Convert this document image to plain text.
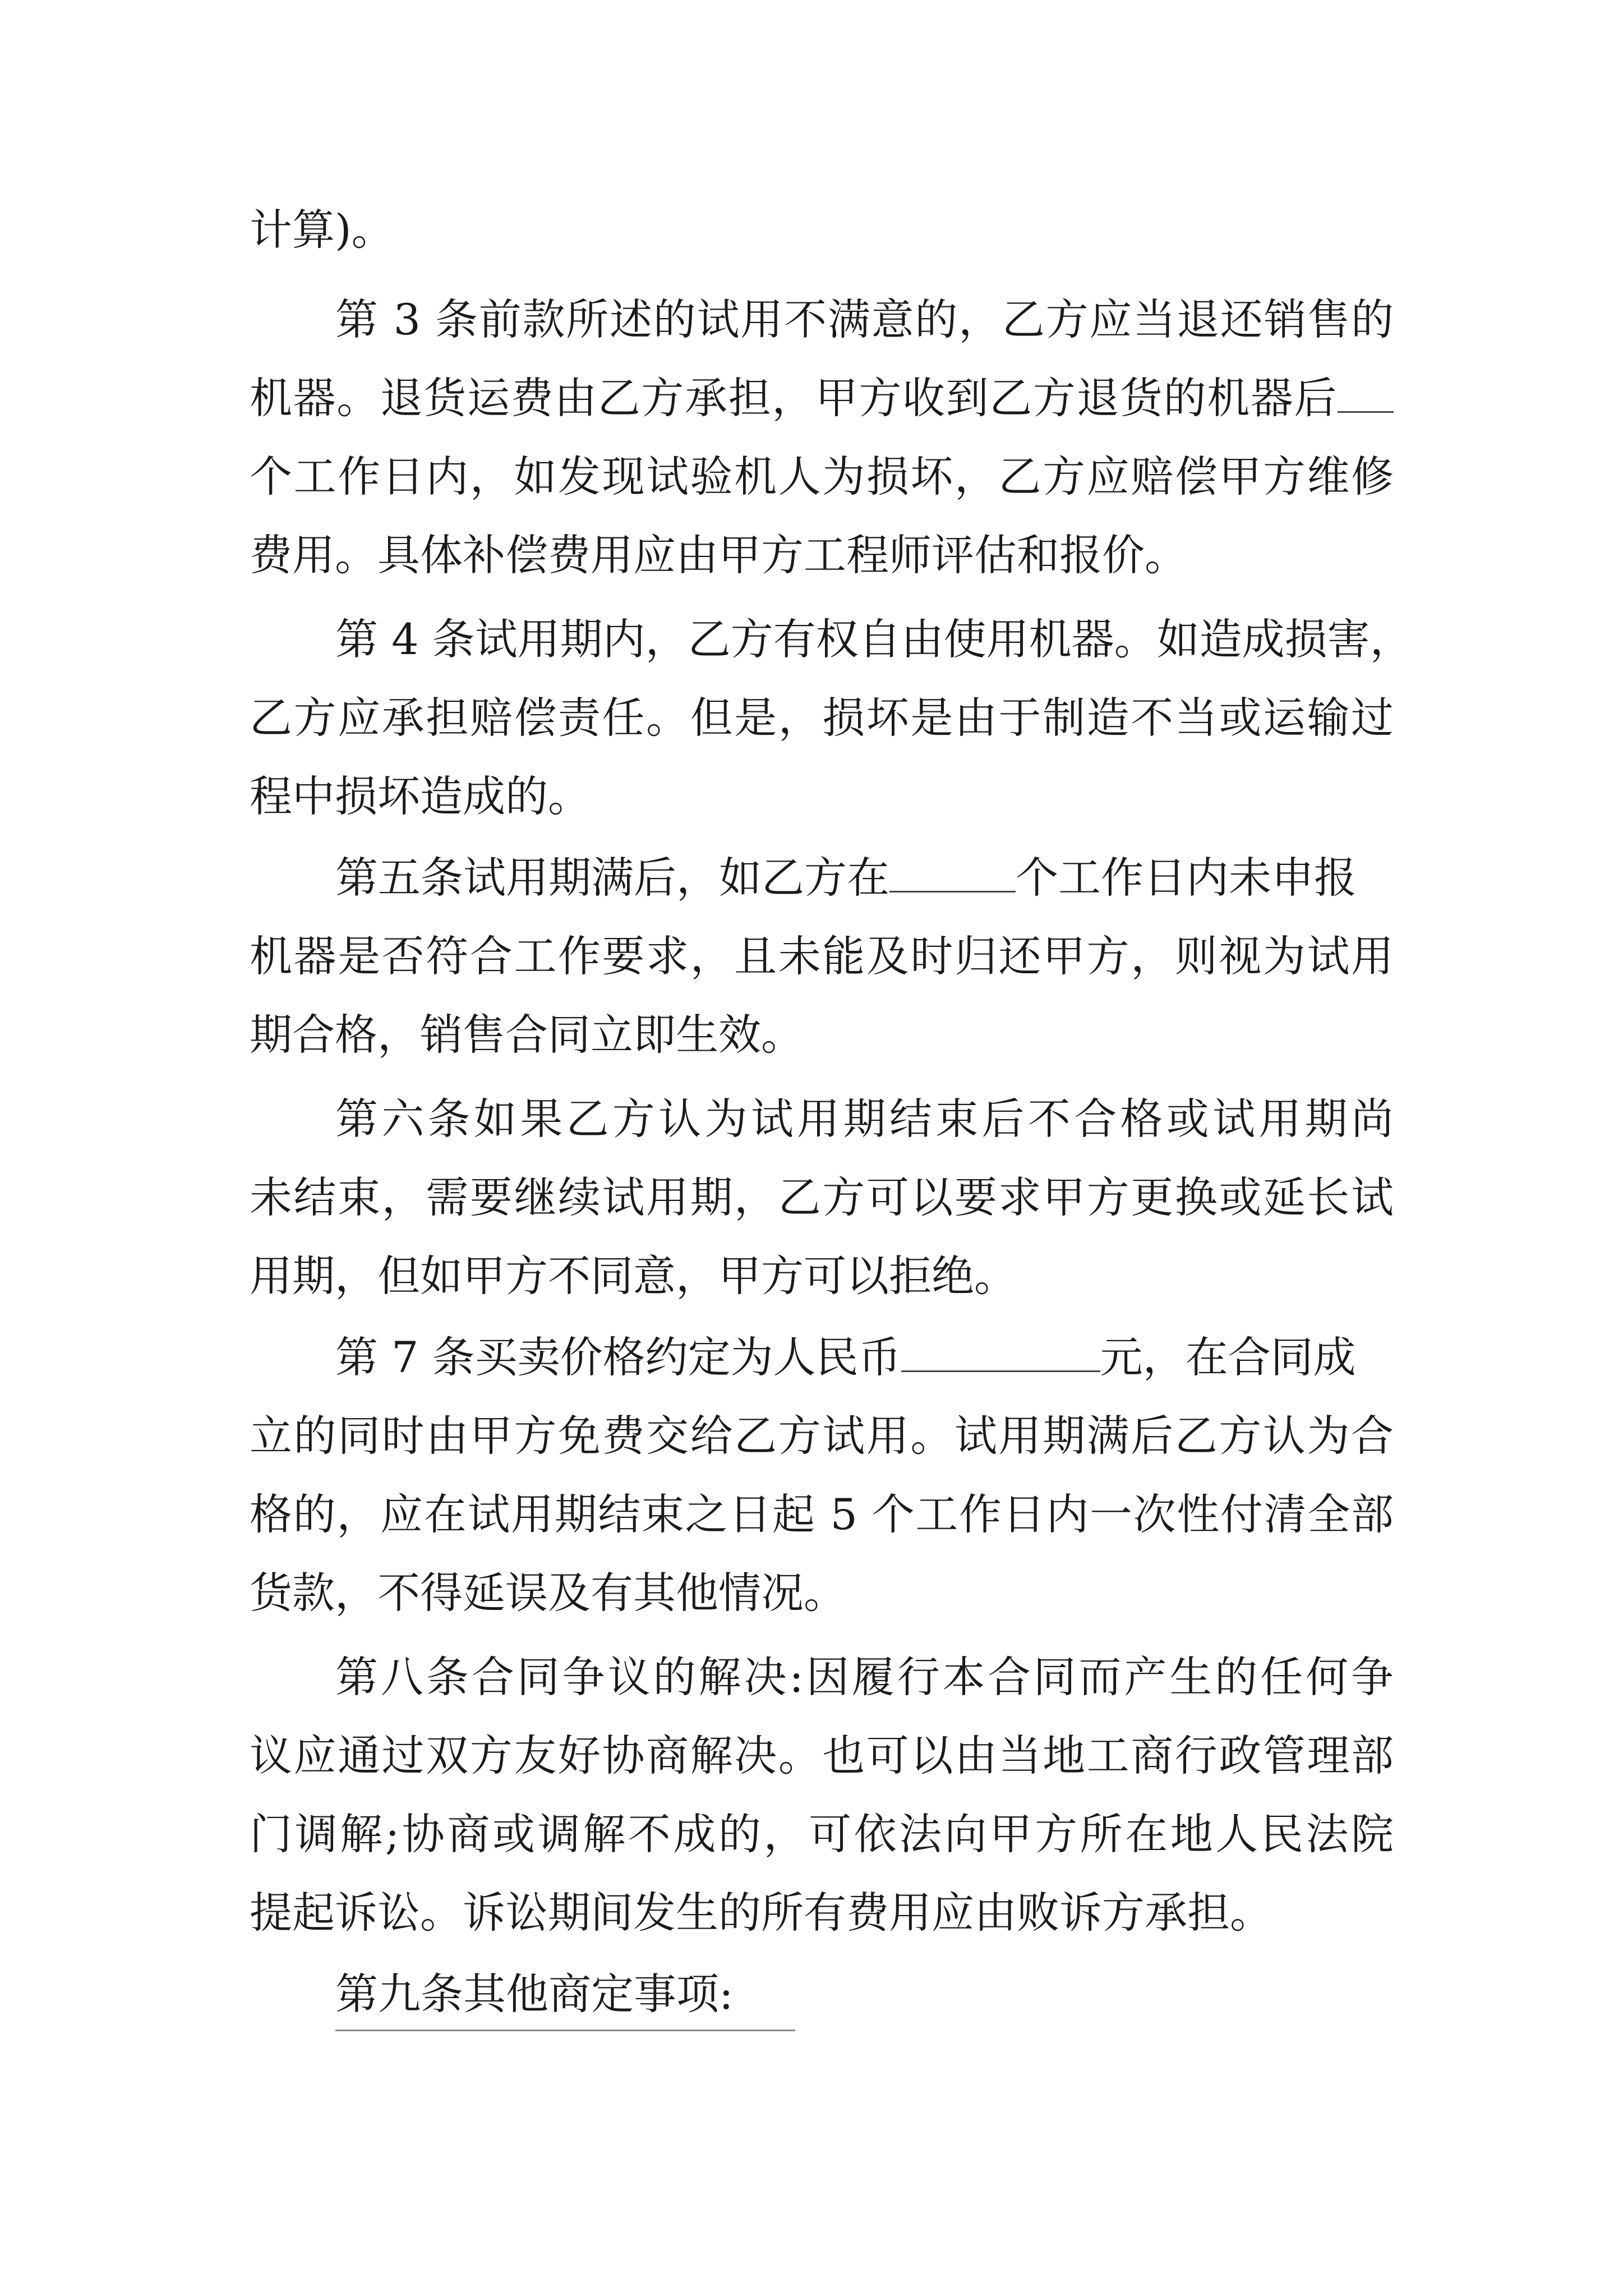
计算)。
第 3 条前款所述的试用不满意的，乙方应当退还销售的
机器。退货运费由乙方承担，甲方收到乙方退货的机器后
个工作日内，如发现试验机人为损坏，乙方应赔偿甲方维修
费用。具体补偿费用应由甲方工程师评估和报价。
第 4 条试用期内，乙方有权自由使用机器。如造成损害，
乙方应承担赔偿责任。但是，损坏是由于制造不当或运输过
程中损坏造成的。
第五条试用期满后，如乙方在	个工作日内未申报
机器是否符合工作要求，且未能及时归还甲方，则视为试用
期合格，销售合同立即生效。
第六条如果乙方认为试用期结束后不合格或试用期尚
未结束，需要继续试用期，乙方可以要求甲方更换或延长试
用期，但如甲方不同意，甲方可以拒绝。
第 7 条买卖价格约定为人民币	元，在合同成
立的同时由甲方免费交给乙方试用。试用期满后乙方认为合
格的，应在试用期结束之日起 5 个工作日内一次性付清全部
货款，不得延误及有其他情况。
第八条合同争议的解决:因履行本合同而产生的任何争
议应通过双方友好协商解决。也可以由当地工商行政管理部
门调解;协商或调解不成的，可依法向甲方所在地人民法院
提起诉讼。诉讼期间发生的所有费用应由败诉方承担。
第九条其他商定事项:
